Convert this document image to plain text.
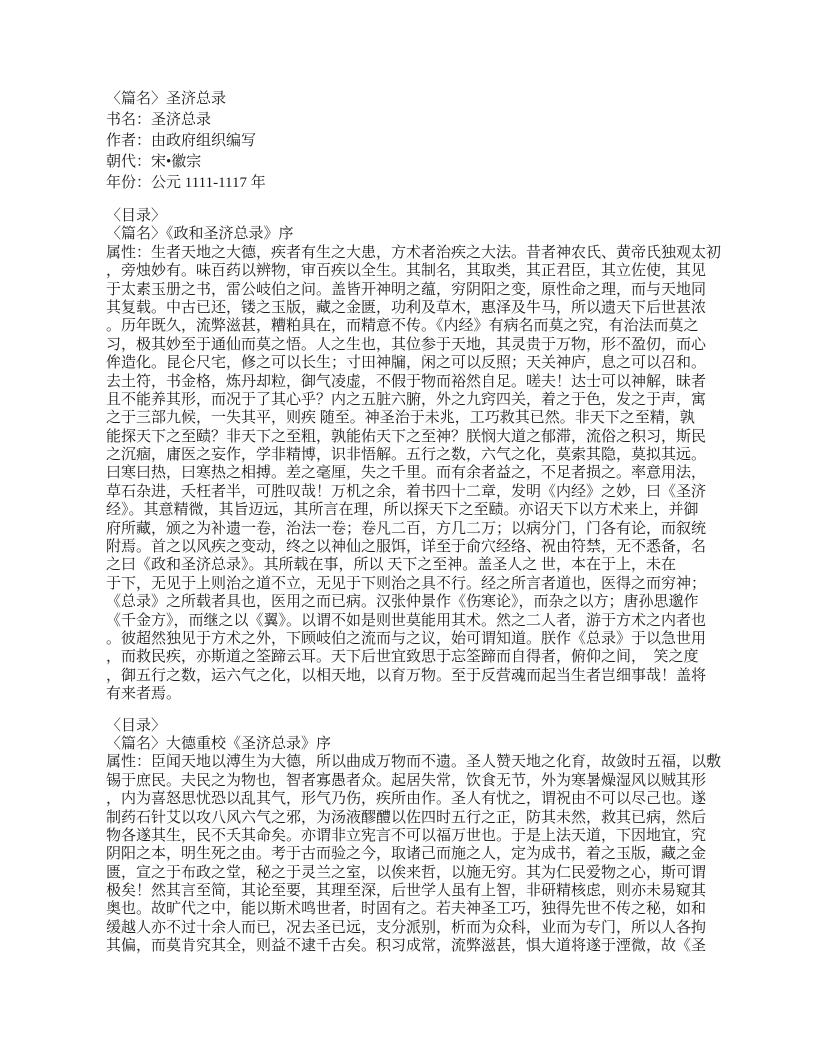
〈篇名〉圣济总录
书名：圣济总录
作者：由政府组织编写
朝代：宋•徽宗
年份：公元 1111-1117 年
〈目录〉
〈篇名〉《政和圣济总录》序
属性：生者天地之大德，疾者有生之大患，方术者治疾之大法。昔者神农氏、黄帝氏独观太初
，旁烛妙有。味百药以辨物，审百疾以全生。其制名，其取类，其正君臣，其立佐使，其见
于太素玉册之书，雷公岐伯之问。盖皆开神明之蕴，穷阴阳之变，原性命之理，而与天地同
其复载。中古已还，镂之玉版，藏之金匮，功利及草木，惠泽及牛马，所以遗天下后世甚浓
。历年既久，流弊滋甚，糟粕具在，而精意不传。《内经》有病名而莫之究，有治法而莫之
习，极其妙至于通仙而莫之悟。人之生也，其位参于天地，其灵贵于万物，形不盈仞，而心
侔造化。昆仑尺宅，修之可以长生；寸田神牖，闲之可以反照；天关神庐，息之可以召和。
去土符，书金格，炼丹却粒，御气凌虚，不假于物而裕然自足。嗟夫！达士可以神解，昧者
且不能养其形，而况于了其心乎？内之五脏六腑，外之九窍四关，着之于色，发之于声，寓
之于三部九候，一失其平，则疾 随至。神圣治于未兆，工巧救其已然。非天下之至精，孰
能探天下之至赜？非天下之至粗，孰能佑天下之至神？朕悯大道之郁滞，流俗之积习，斯民
之沉痼，庸医之妄作，学非精博，识非悟解。五行之数，六气之化，莫索其隐，莫拟其远。
曰寒曰热，曰寒热之相搏。差之毫厘，失之千里。而有余者益之，不足者损之。率意用法，
草石杂进，夭枉者半，可胜叹哉！万机之余，着书四十二章，发明《内经》之妙，曰《圣济
经》。其意精微，其旨迈远，其所言在理，所以探天下之至赜。亦诏天下以方术来上，并御
府所藏，颁之为补遗一卷，治法一卷；卷凡二百，方几二万；以病分门，门各有论，而叙统
附焉。首之以风疾之变动，终之以神仙之服饵，详至于俞穴经络、祝由符禁，无不悉备，名
之曰《政和圣济总录》。其所载在事，所以 天下之至神。盖圣人之 世，本在于上，未在
于下，无见于上则治之道不立，无见于下则治之具不行。经之所言者道也，医得之而穷神；
《总录》之所载者具也，医用之而已病。汉张仲景作《伤寒论》，而杂之以方；唐孙思邈作
《千金方》，而继之以《翼》。以谓不如是则世莫能用其术。然之二人者，游于方术之内者也
。彼超然独见于方术之外，下顾岐伯之流而与之议，始可谓知道。朕作《总录》于以急世用
，而救民疾，亦斯道之筌蹄云耳。天下后世宜致思于忘筌蹄而自得者，俯仰之间，  笑之度
，御五行之数，运六气之化，以相天地，以育万物。至于反营魂而起当生者岂细事哉！盖将
有来者焉。
〈目录〉
〈篇名〉大德重校《圣济总录》序
属性：臣闻天地以溥生为大德，所以曲成万物而不遗。圣人赞天地之化育，故敛时五福，以敷
锡于庶民。夫民之为物也，智者寡愚者众。起居失常，饮食无节，外为寒暑燥湿风以贼其形
，内为喜怒思忧恐以乱其气，形气乃伤，疾所由作。圣人有忧之，谓祝由不可以尽己也。遂
制药石针艾以攻八风六气之邪，为汤液醪醴以佐四时五行之正，防其未然，救其已病，然后
物各遂其生，民不夭其命矣。亦谓非立宪言不可以福万世也。于是上法天道，下因地宜，究
阴阳之本，明生死之由。考于古而验之今，取诸己而施之人，定为成书，着之玉版，藏之金
匮，宣之于布政之堂，秘之于灵兰之室，以俟来哲，以施无穷。其为仁民爱物之心，斯可谓
极矣！然其言至简，其论至要，其理至深，后世学人虽有上智，非研精核虑，则亦未易窥其
奥也。故旷代之中，能以斯术鸣世者，时固有之。若夫神圣工巧，独得先世不传之秘，如和
缓越人亦不过十余人而已，况去圣已远，支分派别，析而为众科，业而为专门，所以人各拘
其偏，而莫肯究其全，则益不逮千古矣。积习成常，流弊滋甚，惧大道将遂于湮微，故《圣
